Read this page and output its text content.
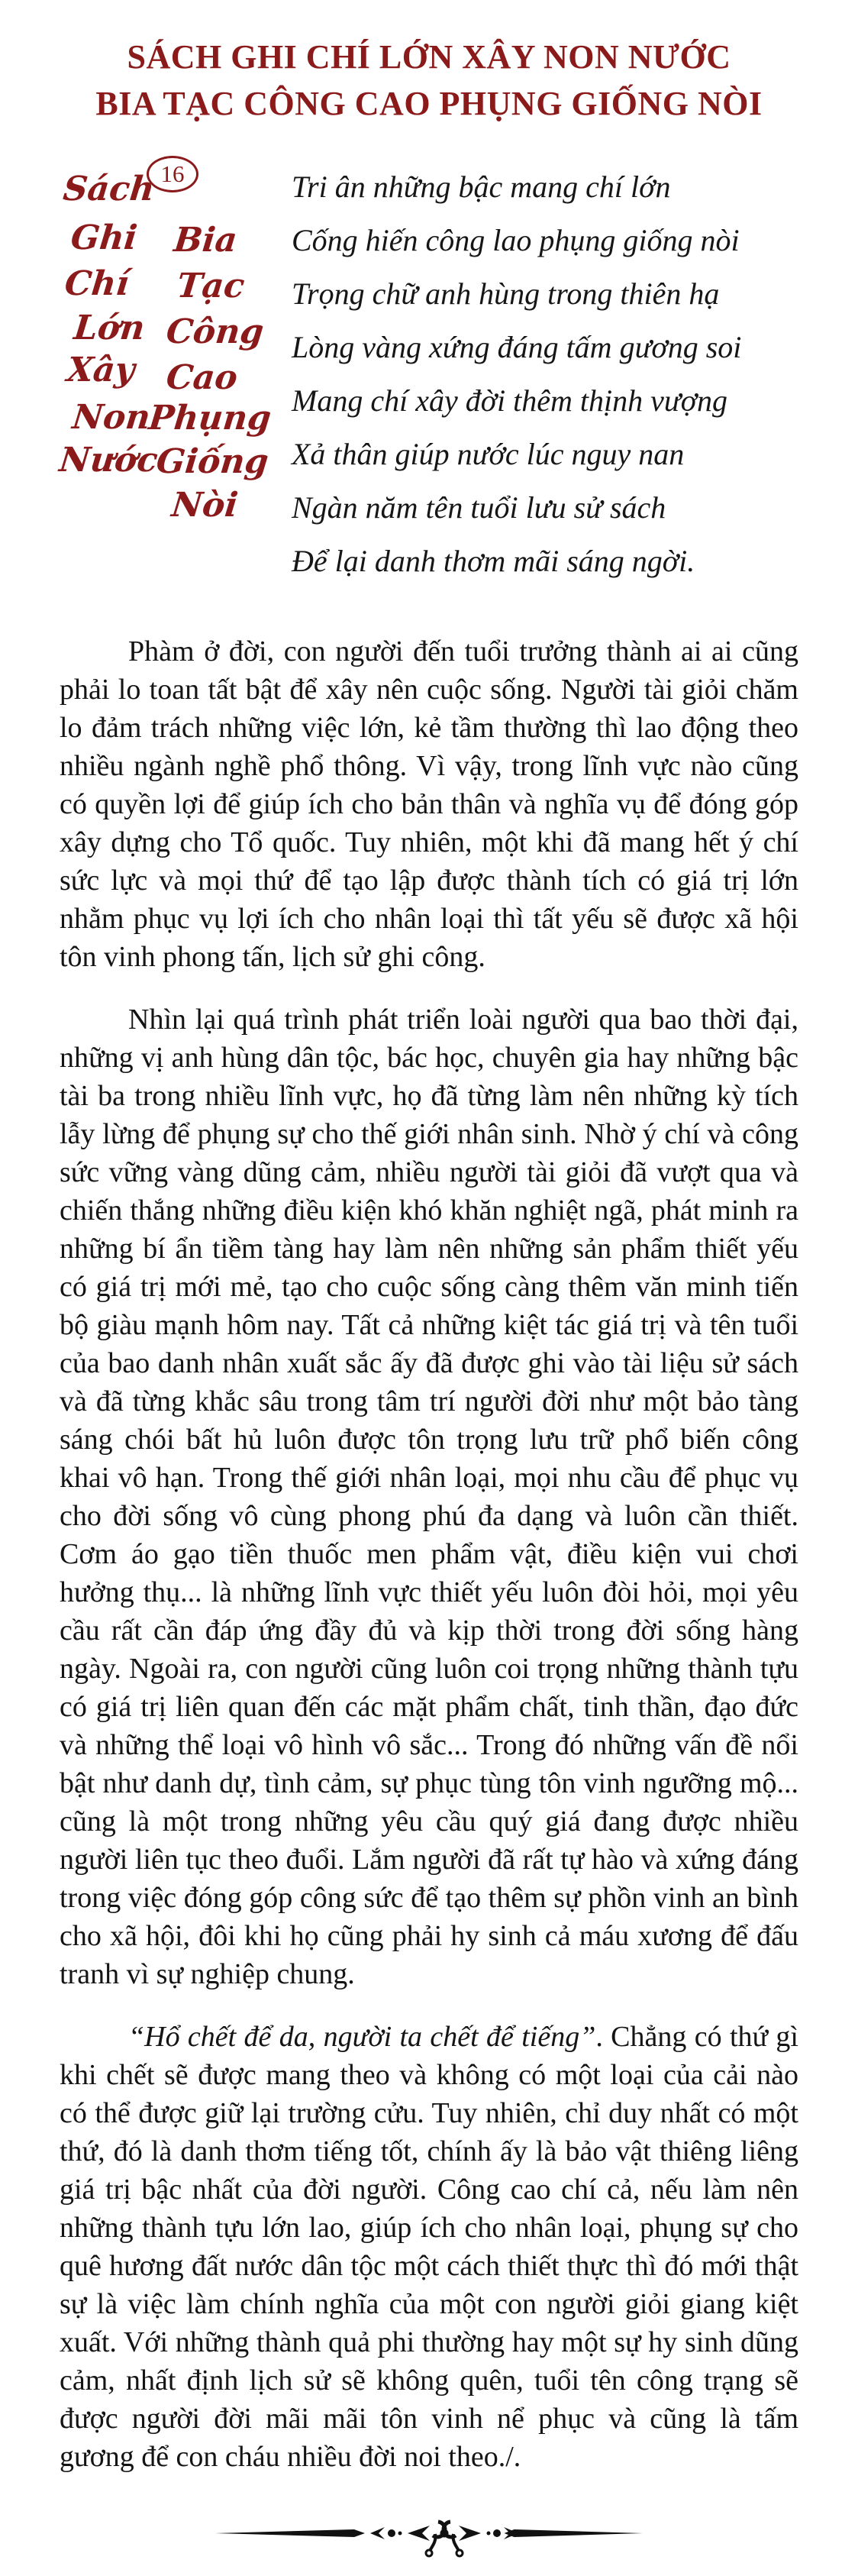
SÁCH GHI CHÍ LỚN XÂY NON NƯỚC
BIA TẠC CÔNG CAO PHỤNG GIỐNG NÒI
16
Sách
Ghi
Chí
Lớn
Xây
Non
Nước
Bia
Tạc
Công
Cao
Phụng
Giống
Nòi
Tri ân những bậc mang chí lớn
Cống hiến công lao phụng giống nòi
Trọng chữ anh hùng trong thiên hạ
Lòng vàng xứng đáng tấm gương soi
Mang chí xây đời thêm thịnh vượng
Xả thân giúp nước lúc nguy nan
Ngàn năm tên tuổi lưu sử sách
Để lại danh thơm mãi sáng ngời.

Phàm ở đời, con người đến tuổi trưởng thành ai ai cũng phải lo toan tất bật để xây nên cuộc sống. Người tài giỏi chăm lo đảm trách những việc lớn, kẻ tầm thường thì lao động theo nhiều ngành nghề phổ thông. Vì vậy, trong lĩnh vực nào cũng có quyền lợi để giúp ích cho bản thân và nghĩa vụ để đóng góp xây dựng cho Tổ quốc. Tuy nhiên, một khi đã mang hết ý chí sức lực và mọi thứ để tạo lập được thành tích có giá trị lớn nhằm phục vụ lợi ích cho nhân loại thì tất yếu sẽ được xã hội tôn vinh phong tấn, lịch sử ghi công.

Nhìn lại quá trình phát triển loài người qua bao thời đại, những vị anh hùng dân tộc, bác học, chuyên gia hay những bậc tài ba trong nhiều lĩnh vực, họ đã từng làm nên những kỳ tích lẫy lừng để phụng sự cho thế giới nhân sinh. Nhờ ý chí và công sức vững vàng dũng cảm, nhiều người tài giỏi đã vượt qua và chiến thắng những điều kiện khó khăn nghiệt ngã, phát minh ra những bí ẩn tiềm tàng hay làm nên những sản phẩm thiết yếu có giá trị mới mẻ, tạo cho cuộc sống càng thêm văn minh tiến bộ giàu mạnh hôm nay. Tất cả những kiệt tác giá trị và tên tuổi của bao danh nhân xuất sắc ấy đã được ghi vào tài liệu sử sách và đã từng khắc sâu trong tâm trí người đời như một bảo tàng sáng chói bất hủ luôn được tôn trọng lưu trữ phổ biến công khai vô hạn. Trong thế giới nhân loại, mọi nhu cầu để phục vụ cho đời sống vô cùng phong phú đa dạng và luôn cần thiết. Cơm áo gạo tiền thuốc men phẩm vật, điều kiện vui chơi hưởng thụ... là những lĩnh vực thiết yếu luôn đòi hỏi, mọi yêu cầu rất cần đáp ứng đầy đủ và kịp thời trong đời sống hàng ngày. Ngoài ra, con người cũng luôn coi trọng những thành tựu có giá trị liên quan đến các mặt phẩm chất, tinh thần, đạo đức và những thể loại vô hình vô sắc... Trong đó những vấn đề nổi bật như danh dự, tình cảm, sự phục tùng tôn vinh ngưỡng mộ... cũng là một trong những yêu cầu quý giá đang được nhiều người liên tục theo đuổi. Lắm người đã rất tự hào và xứng đáng trong việc đóng góp công sức để tạo thêm sự phồn vinh an bình cho xã hội, đôi khi họ cũng phải hy sinh cả máu xương để đấu tranh vì sự nghiệp chung.

“Hổ chết để da, người ta chết để tiếng”. Chẳng có thứ gì khi chết sẽ được mang theo và không có một loại của cải nào có thể được giữ lại trường cửu. Tuy nhiên, chỉ duy nhất có một thứ, đó là danh thơm tiếng tốt, chính ấy là bảo vật thiêng liêng giá trị bậc nhất của đời người. Công cao chí cả, nếu làm nên những thành tựu lớn lao, giúp ích cho nhân loại, phụng sự cho quê hương đất nước dân tộc một cách thiết thực thì đó mới thật sự là việc làm chính nghĩa của một con người giỏi giang kiệt xuất. Với những thành quả phi thường hay một sự hy sinh dũng cảm, nhất định lịch sử sẽ không quên, tuổi tên công trạng sẽ được người đời mãi mãi tôn vinh nể phục và cũng là tấm gương để con cháu nhiều đời noi theo./.
